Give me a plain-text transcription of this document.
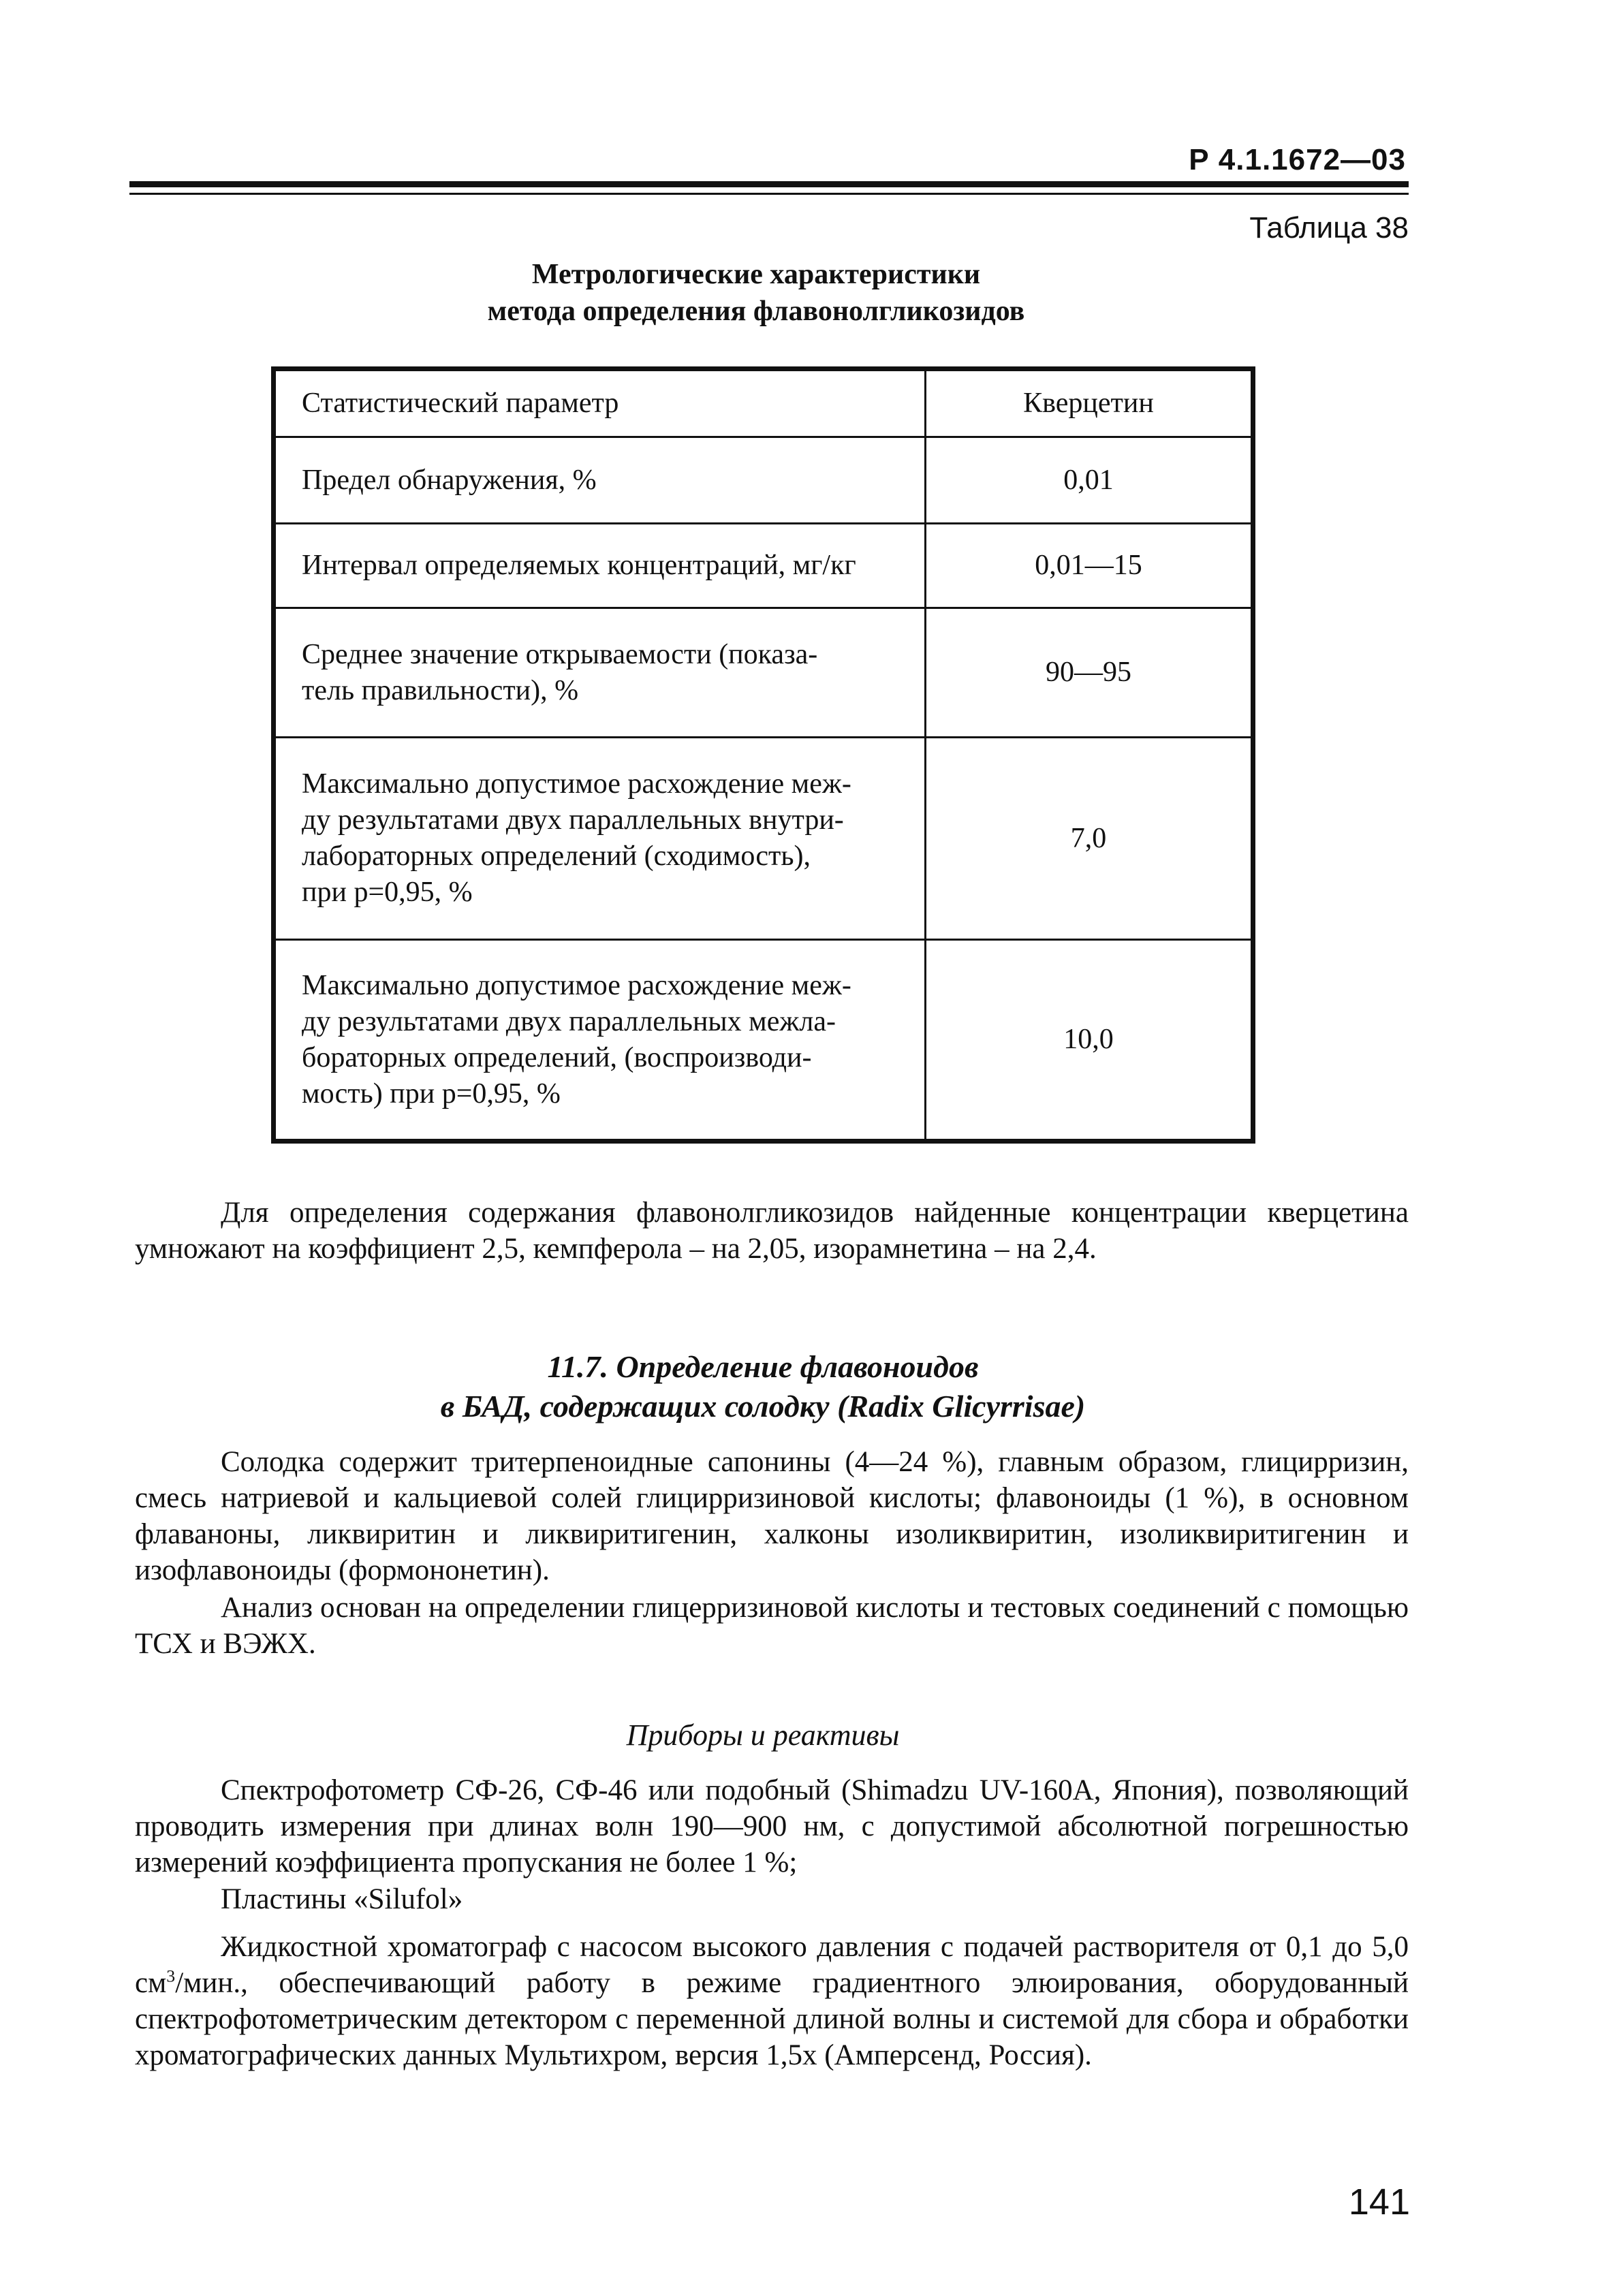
Р 4.1.1672—03
Таблица 38
Метрологические характеристики
метода определения флавонолгликозидов
Статистический параметр	Кверцетин
Предел обнаружения, %	0,01
Интервал определяемых концентраций, мг/кг	0,01—15
Среднее значение открываемости (показа-
тель правильности), %	90—95
Максимально допустимое расхождение меж-
ду результатами двух параллельных внутри-
лабораторных определений (сходимость),
при р=0,95, %	7,0
Максимально допустимое расхождение меж-
ду результатами двух параллельных межла-
бораторных определений, (воспроизводи-
мость) при р=0,95, %	10,0
Для определения содержания флавонолгликозидов найденные концентрации кверцетина умножают на коэффициент 2,5, кемпферола – на 2,05, изорамнетина – на 2,4.
11.7. Определение флавоноидов
в БАД, содержащих солодку (Radix Glicyrrisae)
Солодка содержит тритерпеноидные сапонины (4—24 %), главным образом, глицирризин, смесь натриевой и кальциевой солей глицирризиновой кислоты; флавоноиды (1 %), в основном флаваноны, ликвиритин и ликвиритигенин, халконы изоликвиритин, изоликвиритигенин и изофлавоноиды (формононетин).
Анализ основан на определении глицерризиновой кислоты и тестовых соединений с помощью ТСХ и ВЭЖХ.
Приборы и реактивы
Спектрофотометр СФ-26, СФ-46 или подобный (Shimadzu UV-160A, Япония), позволяющий проводить измерения при длинах волн 190—900 нм, с допустимой абсолютной погрешностью измерений коэффициента пропускания не более 1 %;
Пластины «Silufol»
Жидкостной хроматограф с насосом высокого давления с подачей растворителя от 0,1 до 5,0 $см^3$/мин., обеспечивающий работу в режиме градиентного элюирования, оборудованный спектрофотометрическим детектором с переменной длиной волны и системой для сбора и обработки хроматографических данных Мультихром, версия 1,5х (Амперсенд, Россия).
141
